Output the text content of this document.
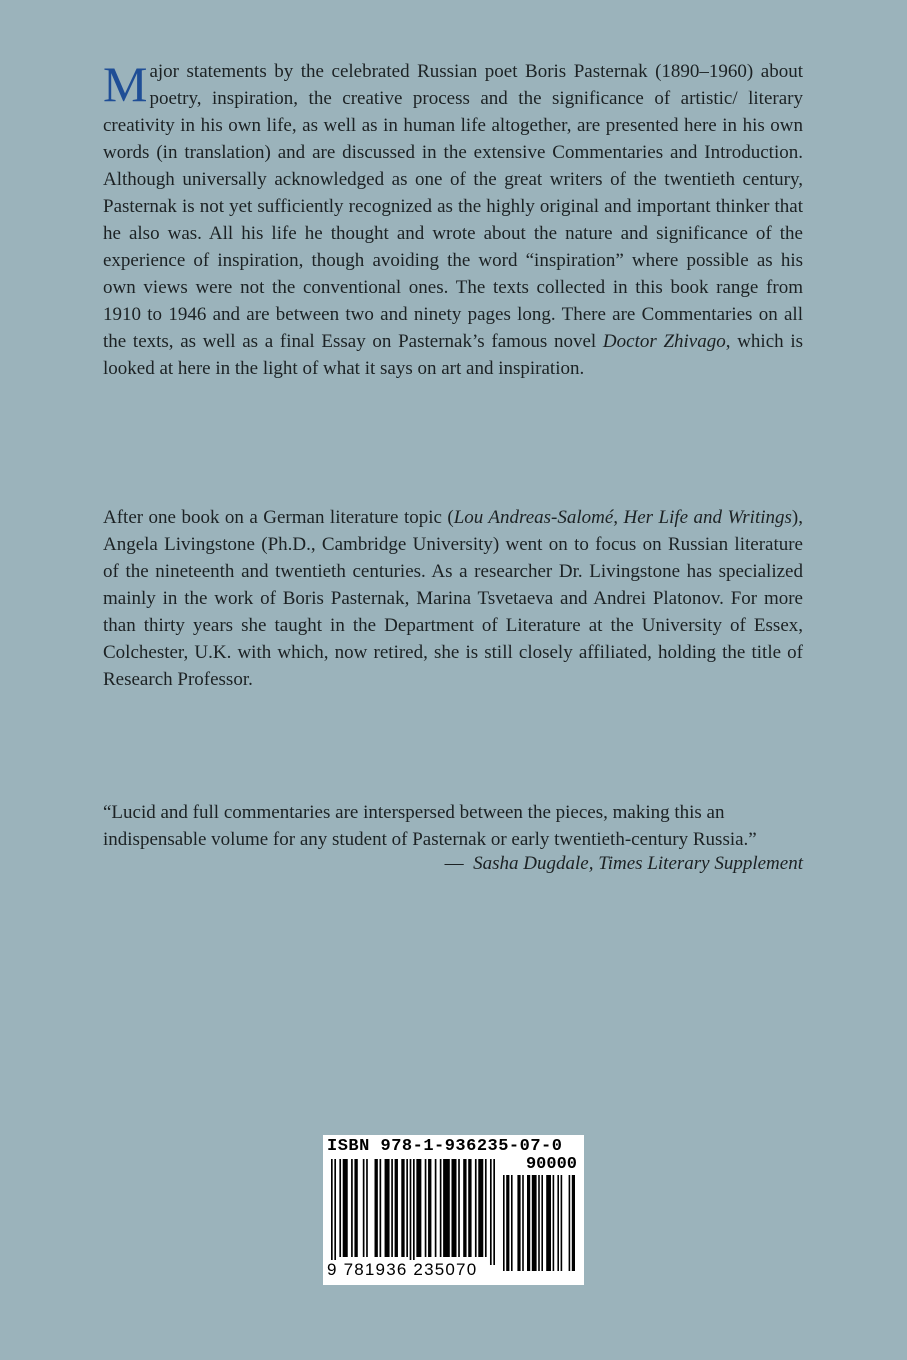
Major statements by the celebrated Russian poet Boris Pasternak (1890–1960) about poetry, inspiration, the creative process and the significance of artistic/ literary creativity in his own life, as well as in human life altogether, are presented here in his own words (in translation) and are discussed in the extensive Commentaries and Introduction. Although universally acknowledged as one of the great writers of the twentieth century, Pasternak is not yet sufficiently recognized as the highly original and important thinker that he also was. All his life he thought and wrote about the nature and significance of the experience of inspiration, though avoiding the word “inspiration” where possible as his own views were not the conventional ones. The texts collected in this book range from 1910 to 1946 and are between two and ninety pages long. There are Commentaries on all the texts, as well as a final Essay on Pasternak’s famous novel Doctor Zhivago, which is looked at here in the light of what it says on art and inspiration.
After one book on a German literature topic (Lou Andreas-Salomé, Her Life and Writings), Angela Livingstone (Ph.D., Cambridge University) went on to focus on Russian literature of the nineteenth and twentieth centuries. As a researcher Dr. Livingstone has specialized mainly in the work of Boris Pasternak, Marina Tsvetaeva and Andrei Platonov. For more than thirty years she taught in the Department of Literature at the University of Essex, Colchester, U.K. with which, now retired, she is still closely affiliated, holding the title of Research Professor.
“Lucid and full commentaries are interspersed between the pieces, making this an indispensable volume for any student of Pasternak or early twentieth-century Russia.”
— Sasha Dugdale, Times Literary Supplement
ISBN 978-1-936235-07-0
90000
9 781936 235070
